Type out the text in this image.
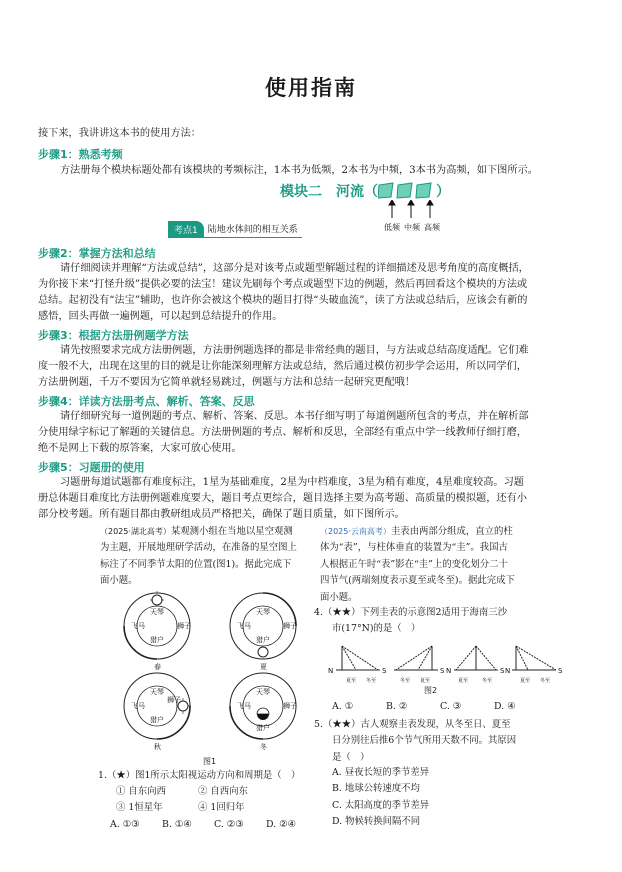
使用指南
接下来，我讲讲这本书的使用方法：
步骤1：熟悉考频
方法册每个模块标题处都有该模块的考频标注，1本书为低频，2本书为中频，3本书为高频，如下图所示。
模块二　河流（	）
低频 中频 高频
考点1	陆地水体间的相互关系
步骤2：掌握方法和总结
请仔细阅读并理解“方法或总结”，这部分是对该考点或题型解题过程的详细描述及思考角度的高度概括，
为你接下来“打怪升级”提供必要的法宝！建议先刷每个考点或题型下边的例题，然后再回看这个模块的方法或
总结。起初没有“法宝”辅助，也许你会被这个模块的题目打得“头破血流”，读了方法或总结后，应该会有新的
感悟，回头再做一遍例题，可以起到总结提升的作用。
步骤3：根据方法册例题学方法
请先按照要求完成方法册例题，方法册例题选择的都是非常经典的题目，与方法或总结高度适配。它们难
度一般不大，出现在这里的目的就是让你能深刻理解方法或总结，然后通过模仿初步学会运用，所以同学们，
方法册例题，千万不要因为它简单就轻易跳过，例题与方法和总结一起研究更配哦！
步骤4：详读方法册考点、解析、答案、反思
请仔细研究每一道例题的考点、解析、答案、反思。本书仔细写明了每道例题所包含的考点，并在解析部
分使用绿字标记了解题的关键信息。方法册例题的考点、解析和反思，全部经有重点中学一线教师仔细打磨，
绝不是网上下载的原答案，大家可放心使用。
步骤5：习题册的使用
习题册每道试题都有难度标注，1星为基础难度，2星为中档难度，3星为稍有难度，4星难度较高。习题
册总体题目难度比方法册例题难度要大，题目考点更综合，题目选择主要为高考题、高质量的模拟题，还有小
部分校考题。所有题目都由教研组成员严格把关，确保了题目质量，如下图所示。
（2025·湖北高考）某观测小组在当地以星空观测
为主题，开展地理研学活动，在准备的星空图上
标注了不同季节太阳的位置(图1)。据此完成下
面小题。
天琴
飞马	狮子
猎户
春
天琴
飞马	狮子
猎户
夏
天琴
飞马
狮子
猎户
秋
天琴
飞马	狮子
猎户
冬
图1
1.（★）图1所示太阳视运动方向和周期是（　）
① 自东向西	② 自西向东
③ 1恒星年	④ 1回归年
A. ①③ B. ①④ C. ②③ D. ②④
（2025·云南高考）圭表由两部分组成，直立的柱
体为“表”，与柱体垂直的装置为“圭”。我国古
人根据正午时“表”影在“圭”上的变化划分二十
四节气(两端刻度表示夏至或冬至)。据此完成下
面小题。
4.（★★）下列圭表的示意图2适用于海南三沙
市(17°N)的是（　）
N	S	S N	S N	S
夏至 冬至	冬至 夏至	夏至	冬至	夏至 冬至
图2
A. ①	B. ②	C. ③	D. ④
5.（★★）古人观察圭表发现，从冬至日、夏至
日分别往后推6个节气所用天数不同。其原因
是（　）
A. 昼夜长短的季节差异
B. 地球公转速度不均
C. 太阳高度的季节差异
D. 物候转换间隔不同
